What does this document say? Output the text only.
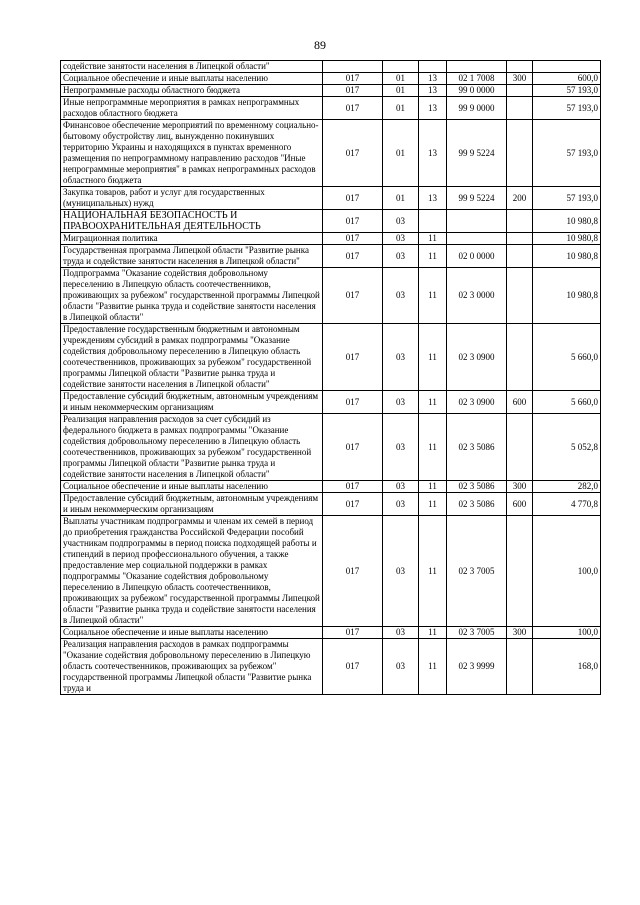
89
содействие занятости населения в Липецкой области"						
Социальное обеспечение и иные выплаты населению	017	01	13	02 1 7008	300	600,0
Непрограммные расходы областного бюджета	017	01	13	99 0 0000		57 193,0
Иные непрограммные мероприятия в рамках непрограммных расходов областного бюджета	017	01	13	99 9 0000		57 193,0
Финансовое обеспечение мероприятий по временному социально-бытовому обустройству лиц, вынужденно покинувших территорию Украины и находящихся в пунктах временного размещения по непрограммному направлению расходов "Иные непрограммные мероприятия" в рамках непрограммных расходов областного бюджета	017	01	13	99 9 5224		57 193,0
Закупка товаров, работ и услуг для государственных (муниципальных) нужд	017	01	13	99 9 5224	200	57 193,0
НАЦИОНАЛЬНАЯ БЕЗОПАСНОСТЬ И ПРАВООХРАНИТЕЛЬНАЯ ДЕЯТЕЛЬНОСТЬ	017	03				10 980,8
Миграционная политика	017	03	11			10 980,8
Государственная программа Липецкой области "Развитие рынка труда и содействие занятости населения в Липецкой области"	017	03	11	02 0 0000		10 980,8
Подпрограмма "Оказание содействия добровольному переселению в Липецкую область соотечественников, проживающих за рубежом" государственной программы Липецкой области "Развитие рынка труда и содействие занятости населения в Липецкой области"	017	03	11	02 3 0000		10 980,8
Предоставление государственным бюджетным и автономным учреждениям субсидий в рамках подпрограммы "Оказание содействия добровольному переселению в Липецкую область соотечественников, проживающих за рубежом" государственной программы Липецкой области "Развитие рынка труда и содействие занятости населения в Липецкой области"	017	03	11	02 3 0900		5 660,0
Предоставление субсидий бюджетным, автономным учреждениям и иным некоммерческим организациям	017	03	11	02 3 0900	600	5 660,0
Реализация направления расходов за счет субсидий из федерального бюджета в рамках подпрограммы "Оказание содействия добровольному переселению в Липецкую область соотечественников, проживающих за рубежом" государственной программы Липецкой области "Развитие рынка труда и содействие занятости населения в Липецкой области"	017	03	11	02 3 5086		5 052,8
Социальное обеспечение и иные выплаты населению	017	03	11	02 3 5086	300	282,0
Предоставление субсидий бюджетным, автономным учреждениям и иным некоммерческим организациям	017	03	11	02 3 5086	600	4 770,8
Выплаты участникам подпрограммы и членам их семей в период до приобретения гражданства Российской Федерации пособий участникам подпрограммы в период поиска подходящей работы и стипендий в период профессионального обучения, а также предоставление мер социальной поддержки в рамках подпрограммы "Оказание содействия добровольному переселению в Липецкую область соотечественников, проживающих за рубежом" государственной программы Липецкой области "Развитие рынка труда и содействие занятости населения в Липецкой области"	017	03	11	02 3 7005		100,0
Социальное обеспечение и иные выплаты населению	017	03	11	02 3 7005	300	100,0
Реализация направления расходов в рамках подпрограммы "Оказание содействия добровольному переселению в Липецкую область соотечественников, проживающих за рубежом" государственной программы Липецкой области "Развитие рынка труда и	017	03	11	02 3 9999		168,0
